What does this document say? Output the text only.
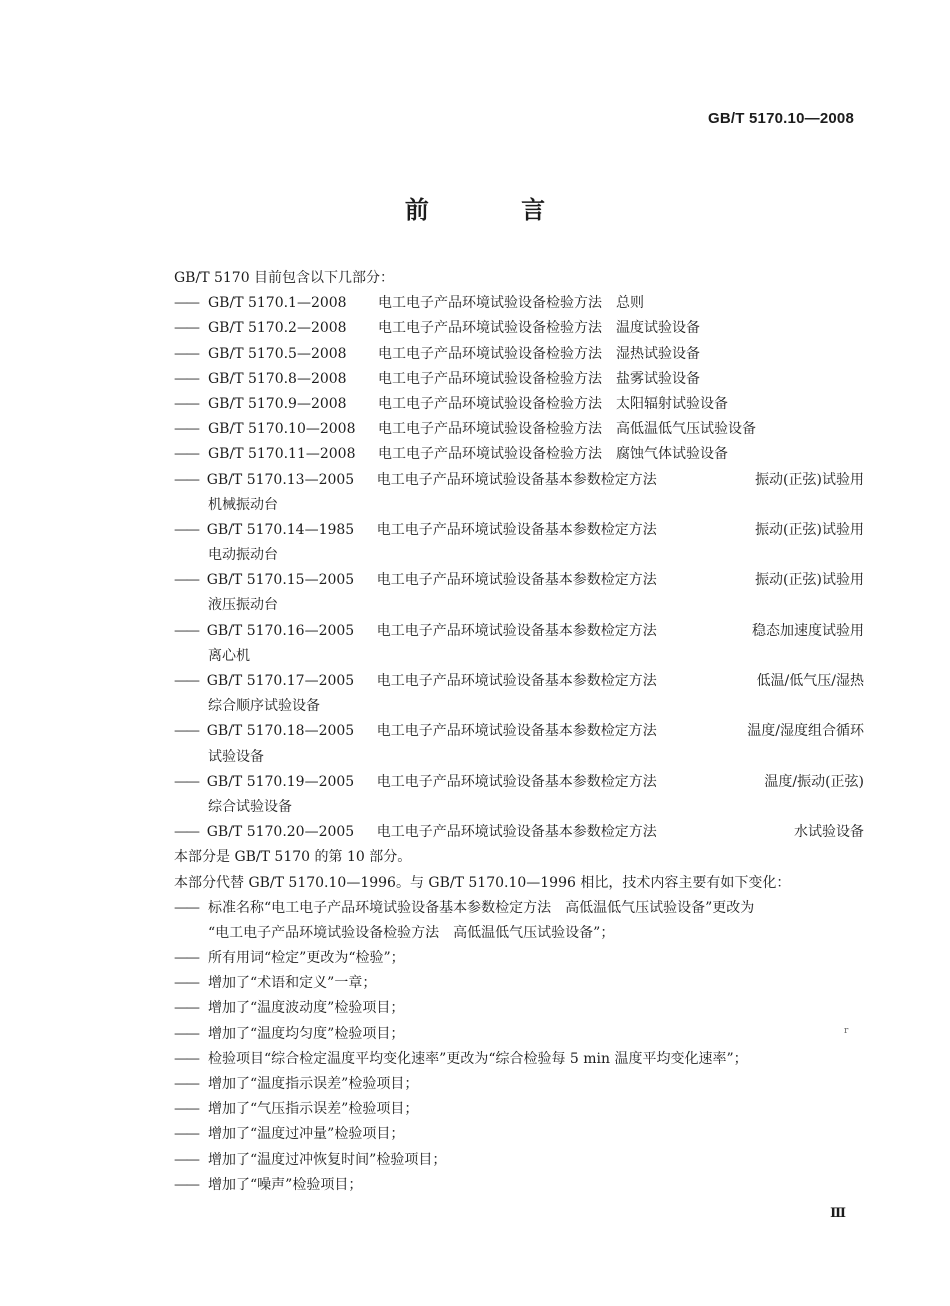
GB/T 5170.10—2008
前 言
GB/T 5170 目前包含以下几部分：
—— GB/T 5170.1—2008	电工电子产品环境试验设备检验方法 总则
—— GB/T 5170.2—2008	电工电子产品环境试验设备检验方法 温度试验设备
—— GB/T 5170.5—2008	电工电子产品环境试验设备检验方法 湿热试验设备
—— GB/T 5170.8—2008	电工电子产品环境试验设备检验方法 盐雾试验设备
—— GB/T 5170.9—2008	电工电子产品环境试验设备检验方法 太阳辐射试验设备
—— GB/T 5170.10—2008	电工电子产品环境试验设备检验方法 高低温低气压试验设备
—— GB/T 5170.11—2008	电工电子产品环境试验设备检验方法 腐蚀气体试验设备
—— GB/T 5170.13—2005 电工电子产品环境试验设备基本参数检定方法	振动(正弦)试验用
机械振动台
—— GB/T 5170.14—1985 电工电子产品环境试验设备基本参数检定方法	振动(正弦)试验用
电动振动台
—— GB/T 5170.15—2005 电工电子产品环境试验设备基本参数检定方法	振动(正弦)试验用
液压振动台
—— GB/T 5170.16—2005 电工电子产品环境试验设备基本参数检定方法	稳态加速度试验用
离心机
—— GB/T 5170.17—2005 电工电子产品环境试验设备基本参数检定方法	低温/低气压/湿热
综合顺序试验设备
—— GB/T 5170.18—2005 电工电子产品环境试验设备基本参数检定方法	温度/湿度组合循环
试验设备
—— GB/T 5170.19—2005 电工电子产品环境试验设备基本参数检定方法	温度/振动(正弦)
综合试验设备
—— GB/T 5170.20—2005 电工电子产品环境试验设备基本参数检定方法	水试验设备
本部分是 GB/T 5170 的第 10 部分。
本部分代替 GB/T 5170.10—1996。与 GB/T 5170.10—1996 相比，技术内容主要有如下变化：
—— 标准名称“电工电子产品环境试验设备基本参数检定方法　高低温低气压试验设备”更改为
“电工电子产品环境试验设备检验方法　高低温低气压试验设备”；
—— 所有用词“检定”更改为“检验”；
—— 增加了“术语和定义”一章；
—— 增加了“温度波动度”检验项目；
—— 增加了“温度均匀度”检验项目；
—— 检验项目“综合检定温度平均变化速率”更改为“综合检验每 5 min 温度平均变化速率”；
—— 增加了“温度指示误差”检验项目；
—— 增加了“气压指示误差”检验项目；
—— 增加了“温度过冲量”检验项目；
—— 增加了“温度过冲恢复时间”检验项目；
—— 增加了“噪声”检验项目；
r
Ⅲ
